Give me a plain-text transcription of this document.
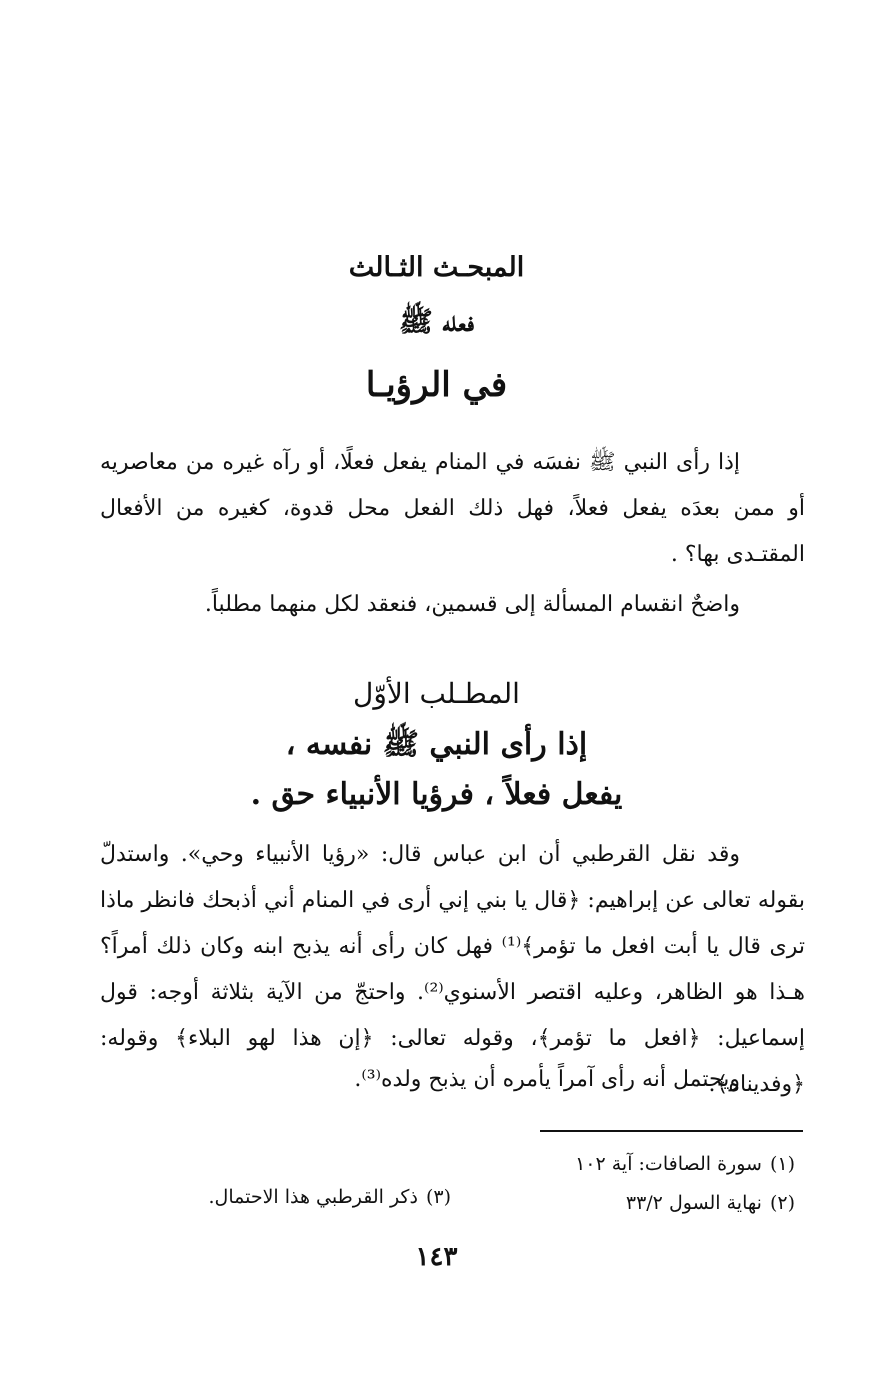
المبحـث الثـالث
فعله ﷺ
في الرؤيـا
إذا رأى النبي ﷺ نفسَه في المنام يفعل فعلًا، أو رآه غيره من معاصريه أو ممن بعدَه يفعل فعلاً، فهل ذلك الفعل محل قدوة، كغيره من الأفعال المقتـدى بها؟ .
واضحٌ انقسام المسألة إلى قسمين، فنعقد لكل منهما مطلباً.
المطـلب الأوّل
إذا رأى النبي ﷺ نفسه ،
يفعل فعلاً ، فرؤيا الأنبياء حق .
وقد نقل القرطبي أن ابن عباس قال: «رؤيا الأنبياء وحي». واستدلّ بقوله تعالى عن إبراهيم: ﴿قال يا بني إني أرى في المنام أني أذبحك فانظر ماذا ترى قال يا أبت افعل ما تؤمر﴾⁽¹⁾ فهل كان رأى أنه يذبح ابنه وكان ذلك أمراً؟ هـذا هو الظاهر، وعليه اقتصر الأسنوي⁽²⁾. واحتجّ من الآية بثلاثة أوجه: قول إسماعيل: ﴿افعل ما تؤمر﴾، وقوله تعالى: ﴿إن هذا لهو البلاء﴾ وقوله: ﴿وفديناه﴾.
ويحتمل أنه رأى آمراً يأمره أن يذبح ولده⁽³⁾.
(١)سورة الصافات: آية ١٠٢
(٢)نهاية السول ٣٣/٢
(٣)ذكر القرطبي هذا الاحتمال.
١٤٣
